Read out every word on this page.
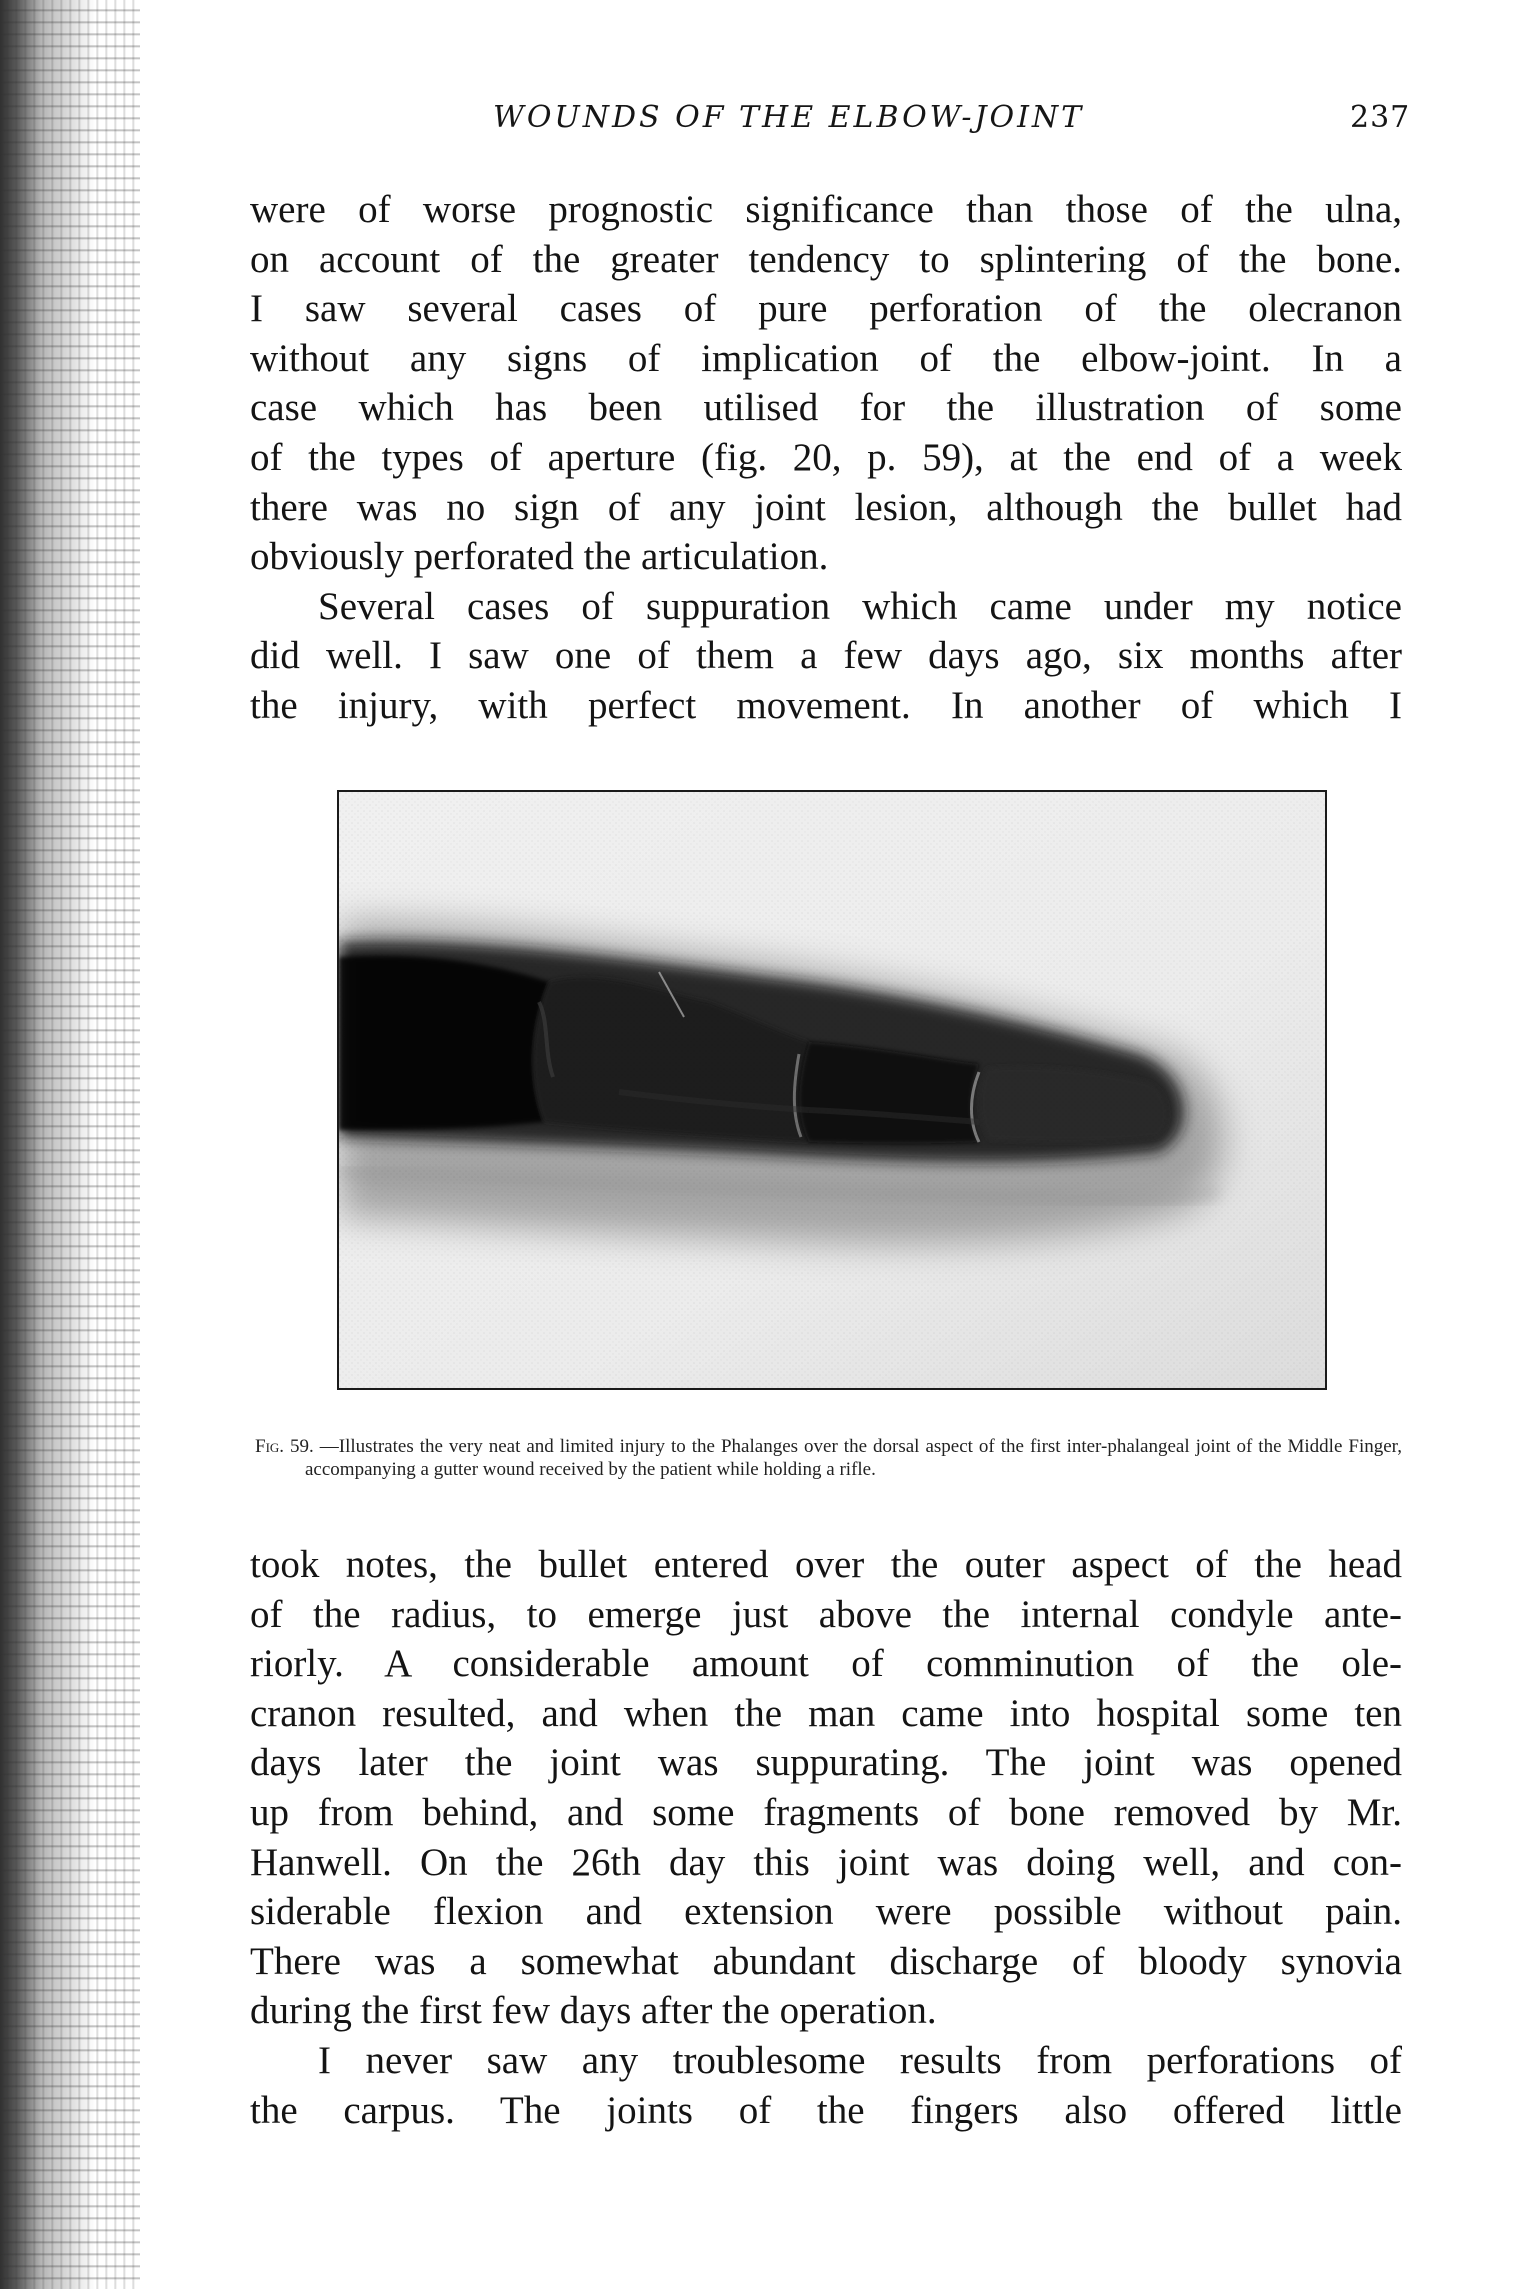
WOUNDS OF THE ELBOW-JOINT	237

were of worse prognostic significance than those of the ulna,

on account of the greater tendency to splintering of the bone.

I saw several cases of pure perforation of the olecranon

without any signs of implication of the elbow-joint. In a

case which has been utilised for the illustration of some

of the types of aperture (fig. 20, p. 59), at the end of a week

there was no sign of any joint lesion, although the bullet had

obviously perforated the articulation.

Several cases of suppuration which came under my notice

did well. I saw one of them a few days ago, six months after

the injury, with perfect movement. In another of which I

Fig. 59. —Illustrates the very neat and limited injury to the Phalanges over the dorsal aspect of the first inter-phalangeal joint of the Middle Finger, accompanying a gutter wound received by the patient while holding a rifle.

took notes, the bullet entered over the outer aspect of the head

of the radius, to emerge just above the internal condyle ante-

riorly. A considerable amount of comminution of the ole-

cranon resulted, and when the man came into hospital some ten

days later the joint was suppurating. The joint was opened

up from behind, and some fragments of bone removed by Mr.

Hanwell. On the 26th day this joint was doing well, and con-

siderable flexion and extension were possible without pain.

There was a somewhat abundant discharge of bloody synovia

during the first few days after the operation.

I never saw any troublesome results from perforations of

the carpus. The joints of the fingers also offered little
